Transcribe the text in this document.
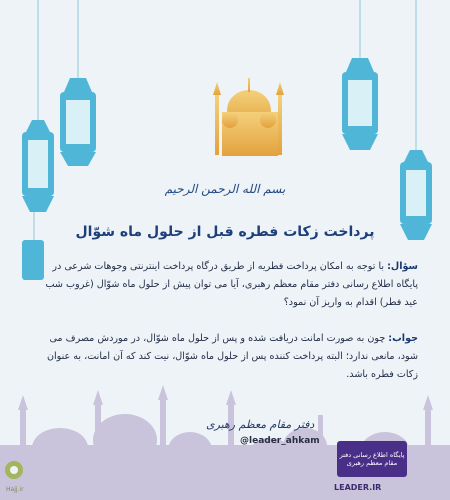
بسم الله الرحمن الرحیم
پرداخت زکات فطره قبل از حلول ماه شوّال
سؤال: با توجه به امکان پرداخت فطریه از طریق درگاه پرداخت اینترنتی وجوهات شرعی در پایگاه اطلاع رسانی دفتر مقام معظم رهبری، آیا می توان پیش از حلول ماه شوّال (غروب شب عید فطر) اقدام به واریز آن نمود؟
جواب: چون به صورت امانت دریافت شده و پس از حلول ماه شوّال، در موردش مصرف می شود، مانعی ندارد؛ البته پرداخت کننده پس از حلول ماه شوّال، نیت کند که آن امانت، به عنوان زکات فطره باشد.
دفتر مقام معظم رهبری
@leader_ahkam
پایگاه اطلاع رسانی دفتر مقام معظم رهبری
LEADER.IR
Hajj.ir
